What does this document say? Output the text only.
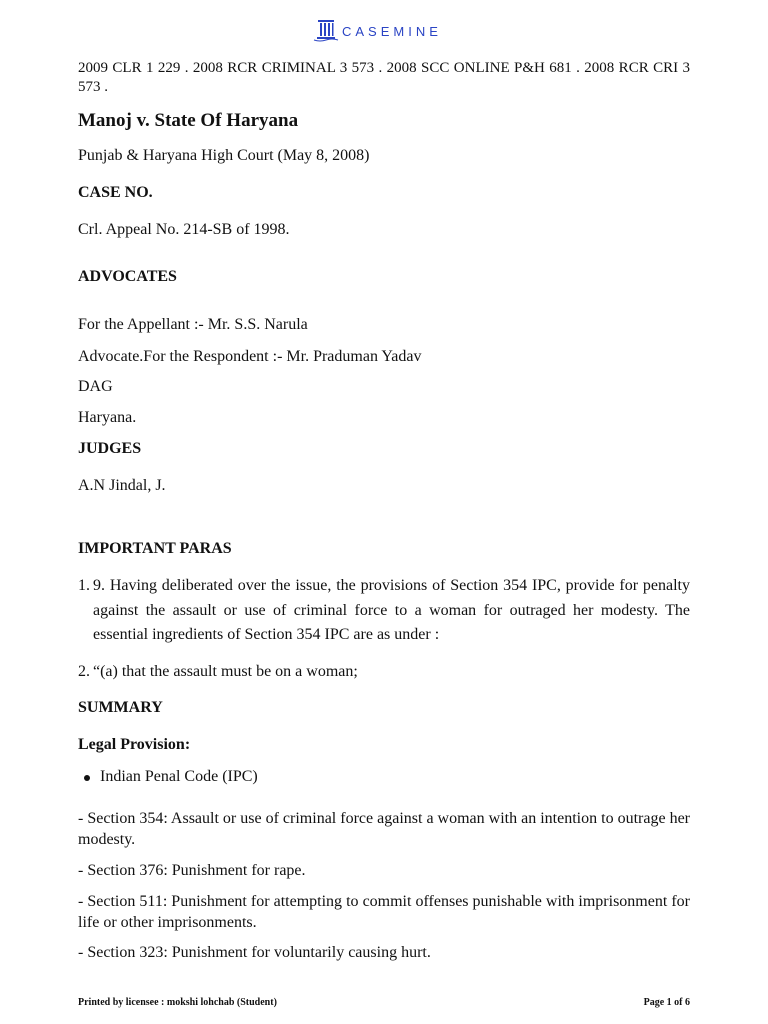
CASEMINE
2009 CLR 1 229 . 2008 RCR CRIMINAL 3 573 . 2008 SCC ONLINE P&H 681 . 2008 RCR CRI 3 573 .
Manoj v. State Of Haryana
Punjab & Haryana High Court (May 8, 2008)
CASE NO.
Crl. Appeal No. 214-SB of 1998.
ADVOCATES
For the Appellant :- Mr. S.S. Narula
Advocate.For the Respondent :- Mr. Praduman Yadav
DAG
Haryana.
JUDGES
A.N Jindal, J.
IMPORTANT PARAS
1. 9. Having deliberated over the issue, the provisions of Section 354 IPC, provide for penalty against the assault or use of criminal force to a woman for outraged her modesty. The essential ingredients of Section 354 IPC are as under :
2. “(a) that the assault must be on a woman;
SUMMARY
Legal Provision:
Indian Penal Code (IPC)
- Section 354: Assault or use of criminal force against a woman with an intention to outrage her modesty.
- Section 376: Punishment for rape.
- Section 511: Punishment for attempting to commit offenses punishable with imprisonment for life or other imprisonments.
- Section 323: Punishment for voluntarily causing hurt.
Printed by licensee : mokshi lohchab (Student)	Page 1 of 6
